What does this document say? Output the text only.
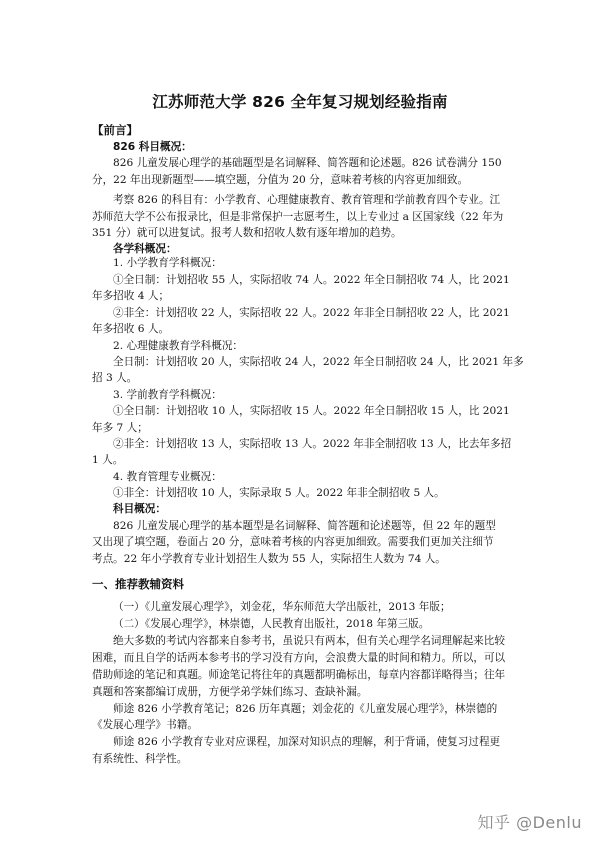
江苏师范大学 826 全年复习规划经验指南
【前言】
826 科目概况：
826 儿童发展心理学的基础题型是名词解释、简答题和论述题。826 试卷满分 150
分，22 年出现新题型——填空题，分值为 20 分，意味着考核的内容更加细致。
考察 826 的科目有：小学教育、心理健康教育、教育管理和学前教育四个专业。江
苏师范大学不公布报录比，但是非常保护一志愿考生，以上专业过 a 区国家线（22 年为
351 分）就可以进复试。报考人数和招收人数有逐年增加的趋势。
各学科概况：
1. 小学教育学科概况：
①全日制：计划招收 55 人，实际招收 74 人。2022 年全日制招收 74 人，比 2021
年多招收 4 人；
②非全：计划招收 22 人，实际招收 22 人。2022 年非全日制招收 22 人，比 2021
年多招收 6 人。
2. 心理健康教育学科概况：
全日制：计划招收 20 人，实际招收 24 人，2022 年全日制招收 24 人，比 2021 年多
招 3 人。
3. 学前教育学科概况：
①全日制：计划招收 10 人，实际招收 15 人。2022 年全日制招收 15 人，比 2021
年多 7 人；
②非全：计划招收 13 人，实际招收 13 人。2022 年非全制招收 13 人，比去年多招
1 人。
4. 教育管理专业概况：
①非全：计划招收 10 人，实际录取 5 人。2022 年非全制招收 5 人。
科目概况：
826 儿童发展心理学的基本题型是名词解释、简答题和论述题等，但 22 年的题型
又出现了填空题，卷面占 20 分，意味着考核的内容更加细致。需要我们更加关注细节
考点。22 年小学教育专业计划招生人数为 55 人，实际招生人数为 74 人。
一、推荐教辅资料
（一）《儿童发展心理学》，刘金花，华东师范大学出版社，2013 年版；
（二）《发展心理学》，林崇德，人民教育出版社，2018 年第三版。
绝大多数的考试内容都来自参考书，虽说只有两本，但有关心理学名词理解起来比较
困难，而且自学的话两本参考书的学习没有方向，会浪费大量的时间和精力。所以，可以
借助师途的笔记和真题。师途笔记将往年的真题都明确标出，每章内容都详略得当；往年
真题和答案都编订成册，方便学弟学妹们练习、查缺补漏。
师途 826 小学教育笔记；826 历年真题；刘金花的《儿童发展心理学》，林崇德的
《发展心理学》书籍。
师途 826 小学教育专业对应课程，加深对知识点的理解，利于背诵，使复习过程更
有系统性、科学性。
知乎 @Denlu
